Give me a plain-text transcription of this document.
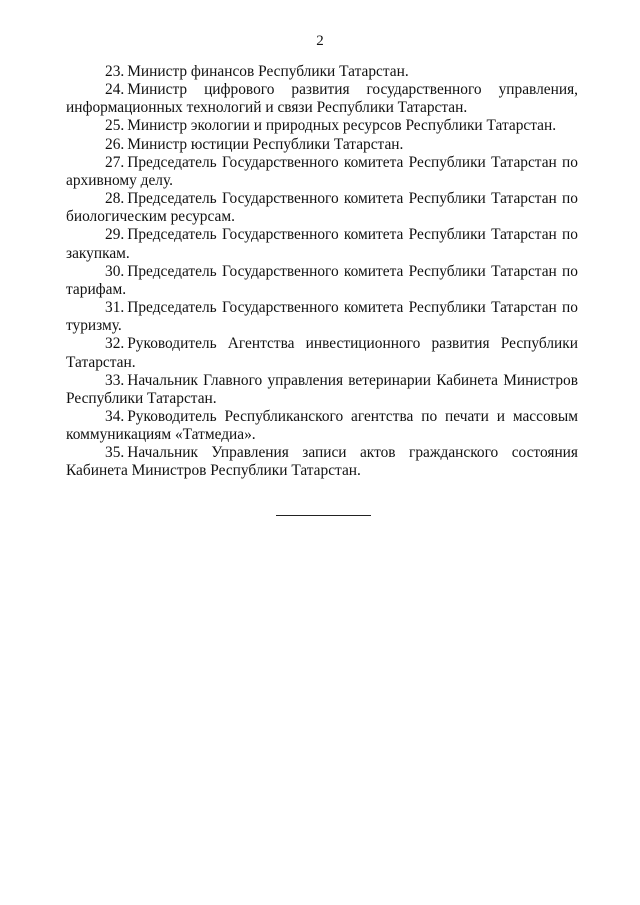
2

23. Министр финансов Республики Татарстан.

24. Министр цифрового развития государственного управления, информационных технологий и связи Республики Татарстан.

25. Министр экологии и природных ресурсов Республики Татарстан.

26. Министр юстиции Республики Татарстан.

27. Председатель Государственного комитета Республики Татарстан по архивному делу.

28. Председатель Государственного комитета Республики Татарстан по биологическим ресурсам.

29. Председатель Государственного комитета Республики Татарстан по закупкам.

30. Председатель Государственного комитета Республики Татарстан по тарифам.

31. Председатель Государственного комитета Республики Татарстан по туризму.

32. Руководитель Агентства инвестиционного развития Республики Татарстан.

33. Начальник Главного управления ветеринарии Кабинета Министров Республики Татарстан.

34. Руководитель Республиканского агентства по печати и массовым коммуникациям «Татмедиа».

35. Начальник Управления записи актов гражданского состояния Кабинета Министров Республики Татарстан.
